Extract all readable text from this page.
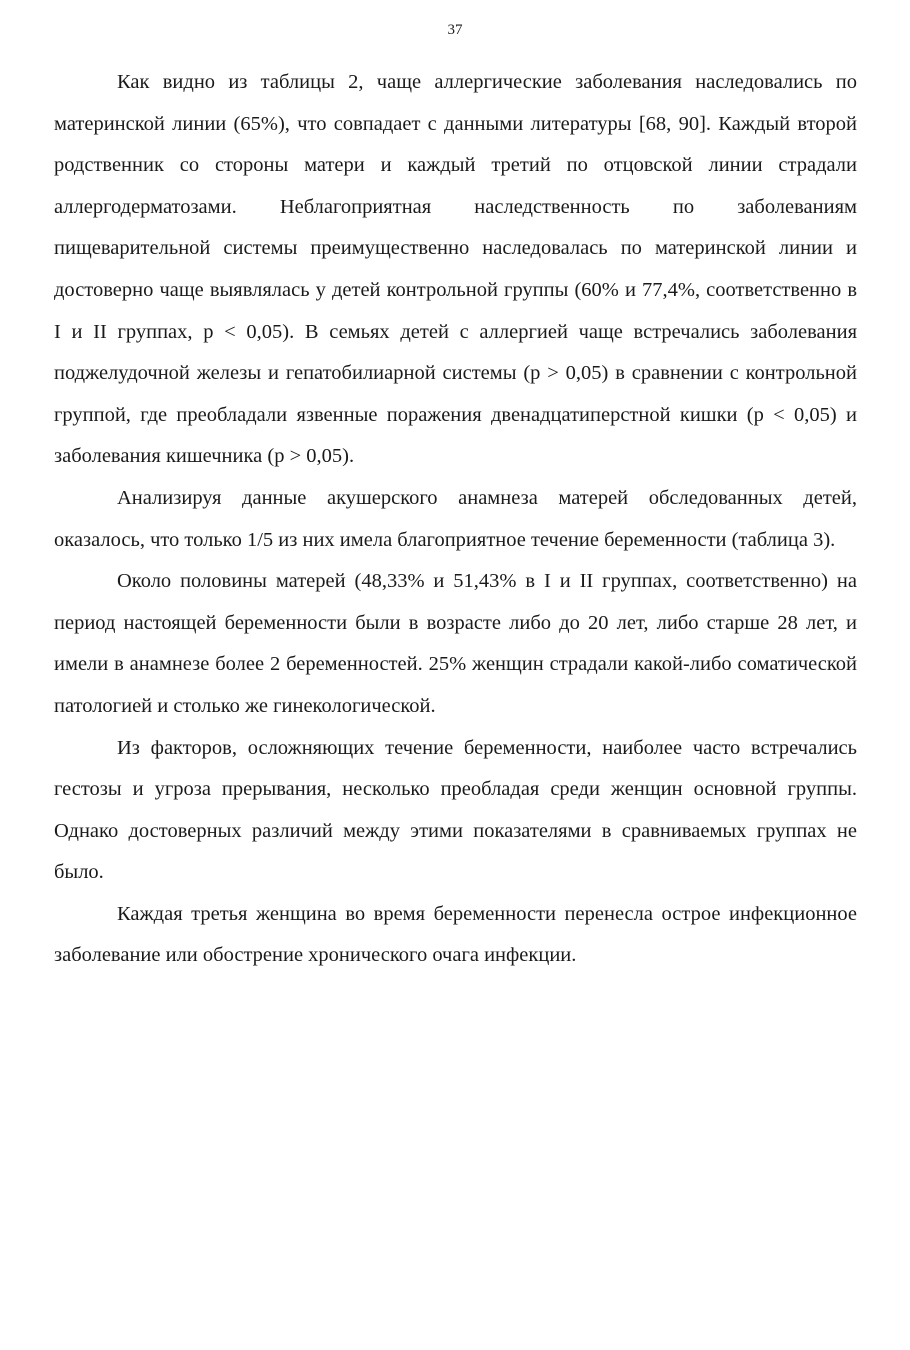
37

Как видно из таблицы 2, чаще аллергические заболевания наследовались по материнской линии (65%), что совпадает с данными литературы [68, 90]. Каждый второй родственник со стороны матери и каждый третий по отцовской линии страдали аллергодерматозами. Неблагоприятная наследственность по заболеваниям пищеварительной системы преимущественно наследовалась по материнской линии и достоверно чаще выявлялась у детей контрольной группы (60% и 77,4%, соответственно в I и II группах, р < 0,05). В семьях детей с аллергией чаще встречались заболевания поджелудочной железы и гепатобилиарной системы (р > 0,05) в сравнении с контрольной группой, где преобладали язвенные поражения двенадцатиперстной кишки (р < 0,05) и заболевания кишечника (р > 0,05).

Анализируя данные акушерского анамнеза матерей обследованных детей, оказалось, что только 1/5 из них имела благоприятное течение беременности (таблица 3).

Около половины матерей (48,33% и 51,43% в I и II группах, соответственно) на период настоящей беременности были в возрасте либо до 20 лет, либо старше 28 лет, и имели в анамнезе более 2 беременностей. 25% женщин страдали какой-либо соматической патологией и столько же гинекологической.

Из факторов, осложняющих течение беременности, наиболее часто встречались гестозы и угроза прерывания, несколько преобладая среди женщин основной группы. Однако достоверных различий между этими показателями в сравниваемых группах не было.

Каждая третья женщина во время беременности перенесла острое инфекционное заболевание или обострение хронического очага инфекции.
